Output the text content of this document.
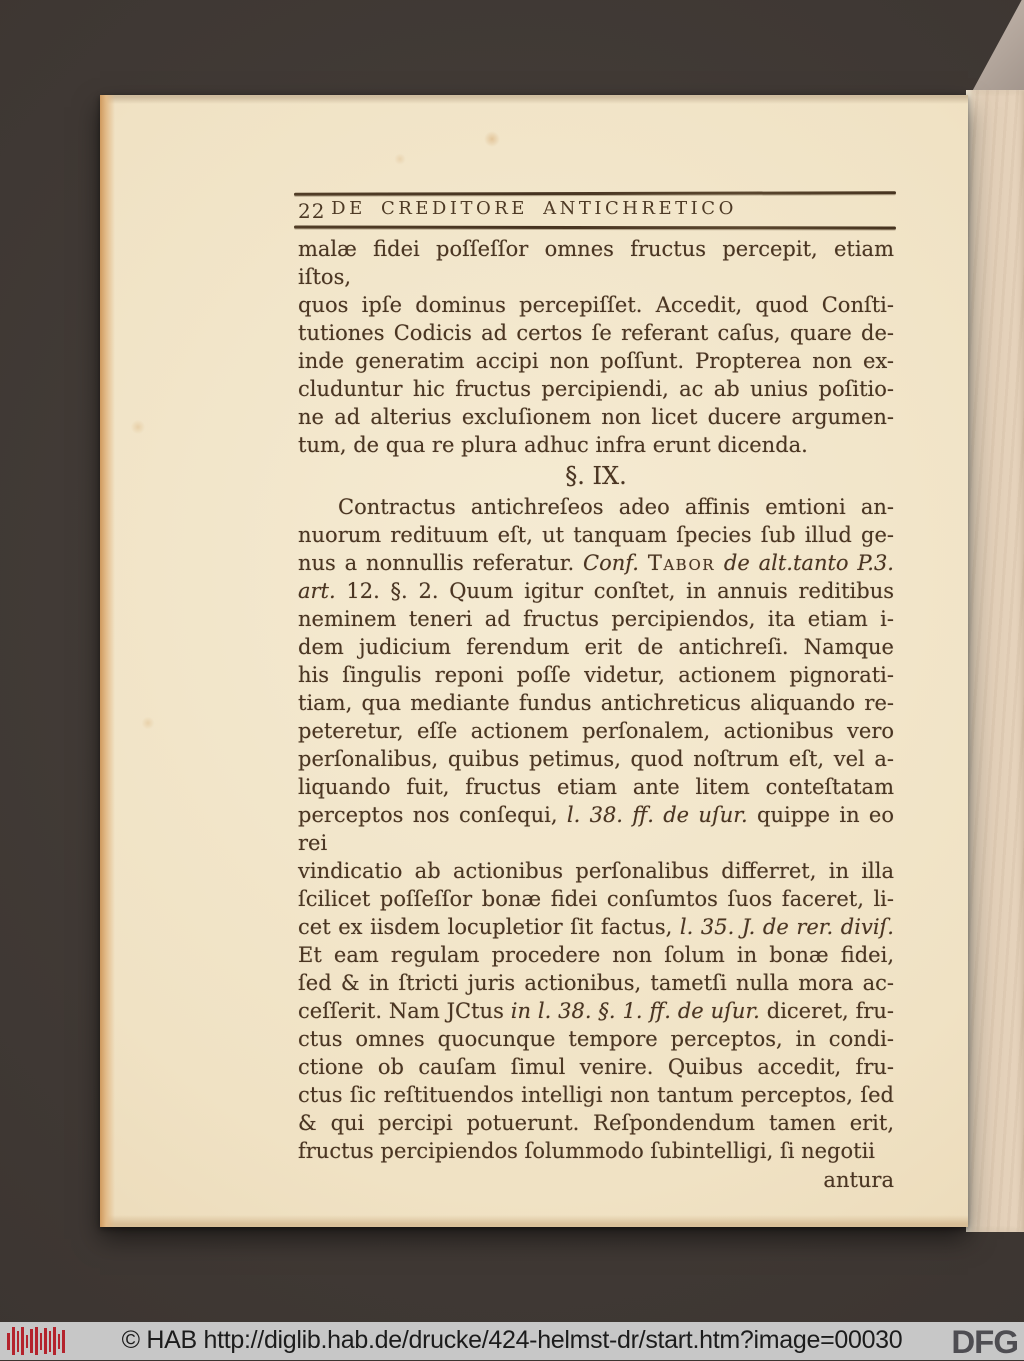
22 DE CREDITORE ANTICHRETICO
malæ fidei poſſeſſor omnes fructus percepit, etiam iſtos,
quos ipſe dominus percepiſſet. Accedit, quod Conſti-
tutiones Codicis ad certos ſe referant caſus, quare de-
inde generatim accipi non poſſunt. Propterea non ex-
cluduntur hic fructus percipiendi, ac ab unius poſitio-
ne ad alterius excluſionem non licet ducere argumen-
tum, de qua re plura adhuc infra erunt dicenda.
§. IX.
Contractus antichreſeos adeo affinis emtioni an-
nuorum redituum eſt, ut tanquam ſpecies ſub illud ge-
nus a nonnullis referatur. Conf. Tabor de alt.tanto P.3.
art. 12. §. 2. Quum igitur conſtet, in annuis reditibus
neminem teneri ad fructus percipiendos, ita etiam i-
dem judicium ferendum erit de antichreſi. Namque
his ſingulis reponi poſſe videtur, actionem pignorati-
tiam, qua mediante fundus antichreticus aliquando re-
peteretur, eſſe actionem perſonalem, actionibus vero
perſonalibus, quibus petimus, quod noſtrum eſt, vel a-
liquando fuit, fructus etiam ante litem conteſtatam
perceptos nos conſequi, l. 38. ff. de uſur. quippe in eo rei
vindicatio ab actionibus perſonalibus differret, in illa
ſcilicet poſſeſſor bonæ fidei conſumtos ſuos faceret, li-
cet ex iisdem locupletior ſit factus, l. 35. J. de rer. diviſ.
Et eam regulam procedere non ſolum in bonæ fidei,
ſed & in ſtricti juris actionibus, tametſi nulla mora ac-
ceſſerit. Nam JCtus in l. 38. §. 1. ff. de uſur. diceret, fru-
ctus omnes quocunque tempore perceptos, in condi-
ctione ob cauſam ſimul venire. Quibus accedit, fru-
ctus ſic reſtituendos intelligi non tantum perceptos, ſed
& qui percipi potuerunt. Reſpondendum tamen erit,
fructus percipiendos ſolummodo ſubintelligi, ſi negotii
antura
© HAB http://diglib.hab.de/drucke/424-helmst-dr/start.htm?image=00030	DFG
